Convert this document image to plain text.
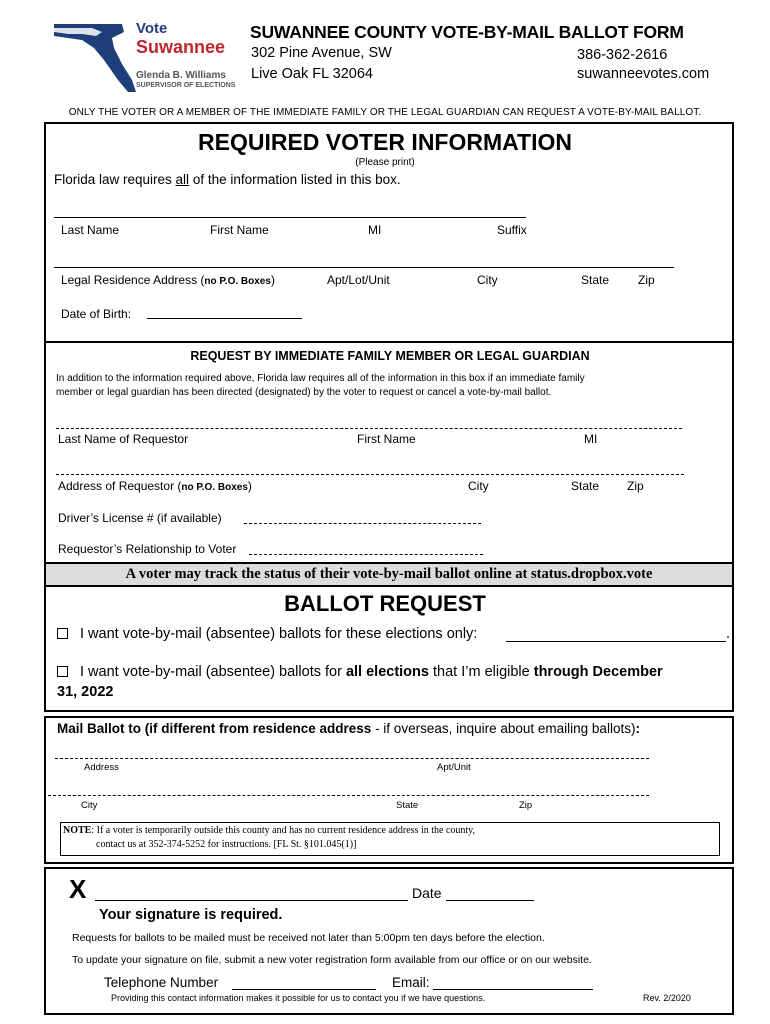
Vote
Suwannee
Glenda B. Williams
SUPERVISOR OF ELECTIONS
SUWANNEE COUNTY VOTE-BY-MAIL BALLOT FORM
302 Pine Avenue, SW
Live Oak FL 32064
386-362-2616
suwanneevotes.com
ONLY THE VOTER OR A MEMBER OF THE IMMEDIATE FAMILY OR THE LEGAL GUARDIAN CAN REQUEST A VOTE-BY-MAIL BALLOT.
REQUIRED VOTER INFORMATION
(Please print)
Florida law requires all of the information listed in this box.
Last Name	First Name	MI	Suffix
Legal Residence Address (no P.O. Boxes)	Apt/Lot/Unit	City	State Zip
Date of Birth:
REQUEST BY IMMEDIATE FAMILY MEMBER OR LEGAL GUARDIAN
In addition to the information required above, Florida law requires all of the information in this box if an immediate family
member or legal guardian has been directed (designated) by the voter to request or cancel a vote-by-mail ballot.
Last Name of Requestor	First Name	MI
Address of Requestor (no P.O. Boxes)	City	State Zip
Driver’s License # (if available)
Requestor’s Relationship to Voter
A voter may track the status of their vote-by-mail ballot online at status.dropbox.vote
BALLOT REQUEST
I want vote-by-mail (absentee) ballots for these elections only:	.
I want vote-by-mail (absentee) ballots for all elections that I’m eligible through December
31, 2022
Mail Ballot to (if different from residence address - if overseas, inquire about emailing ballots):
Address	Apt/Unit
City	State	Zip
NOTE: If a voter is temporarily outside this county and has no current residence address in the county,
contact us at 352-374-5252 for instructions. [FL St. §101.045(1)]
X	Date
Your signature is required.
Requests for ballots to be mailed must be received not later than 5:00pm ten days before the election.
To update your signature on file, submit a new voter registration form available from our office or on our website.
Telephone Number	Email:
Providing this contact information makes it possible for us to contact you if we have questions.	Rev. 2/2020
